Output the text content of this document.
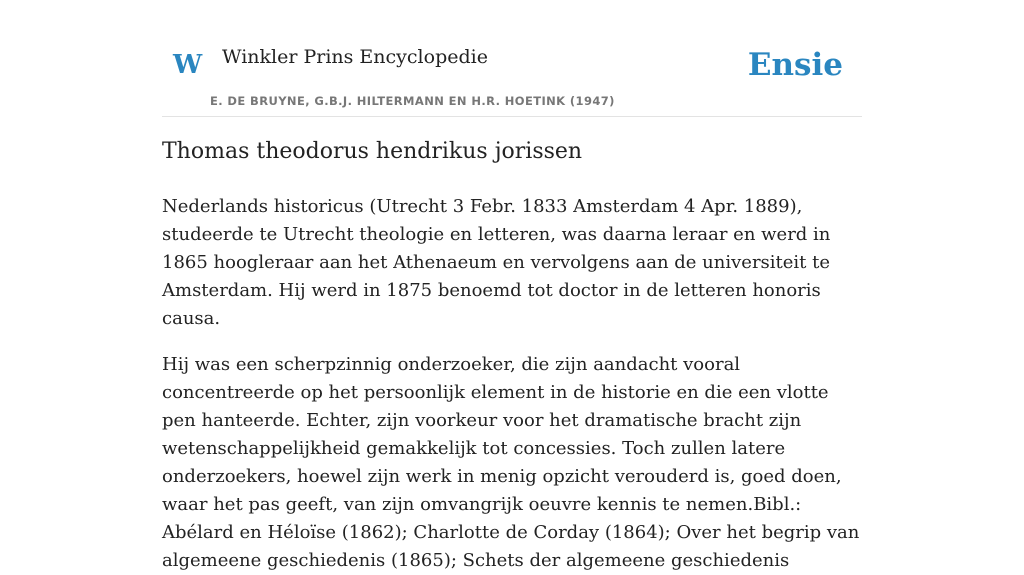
W Winkler Prins Encyclopedie
E. DE BRUYNE, G.B.J. HILTERMANN EN H.R. HOETINK (1947)
Ensie
Thomas theodorus hendrikus jorissen

Nederlands historicus (Utrecht 3 Febr. 1833 Amsterdam 4 Apr. 1889), studeerde te Utrecht theologie en letteren, was daarna leraar en werd in 1865 hoogleraar aan het Athenaeum en vervolgens aan de universiteit te Amsterdam. Hij werd in 1875 benoemd tot doctor in de letteren honoris causa.

Hij was een scherpzinnig onderzoeker, die zijn aandacht vooral concentreerde op het persoonlijk element in de historie en die een vlotte pen hanteerde. Echter, zijn voorkeur voor het dramatische bracht zijn wetenschappelijkheid gemakkelijk tot concessies. Toch zullen latere onderzoekers, hoewel zijn werk in menig opzicht verouderd is, goed doen, waar het pas geeft, van zijn omvangrijk oeuvre kennis te nemen.Bibl.: Abélard en Héloïse (1862); Charlotte de Corday (1864); Over het begrip van algemeene geschiedenis (1865); Schets der algemeene geschiedenis
